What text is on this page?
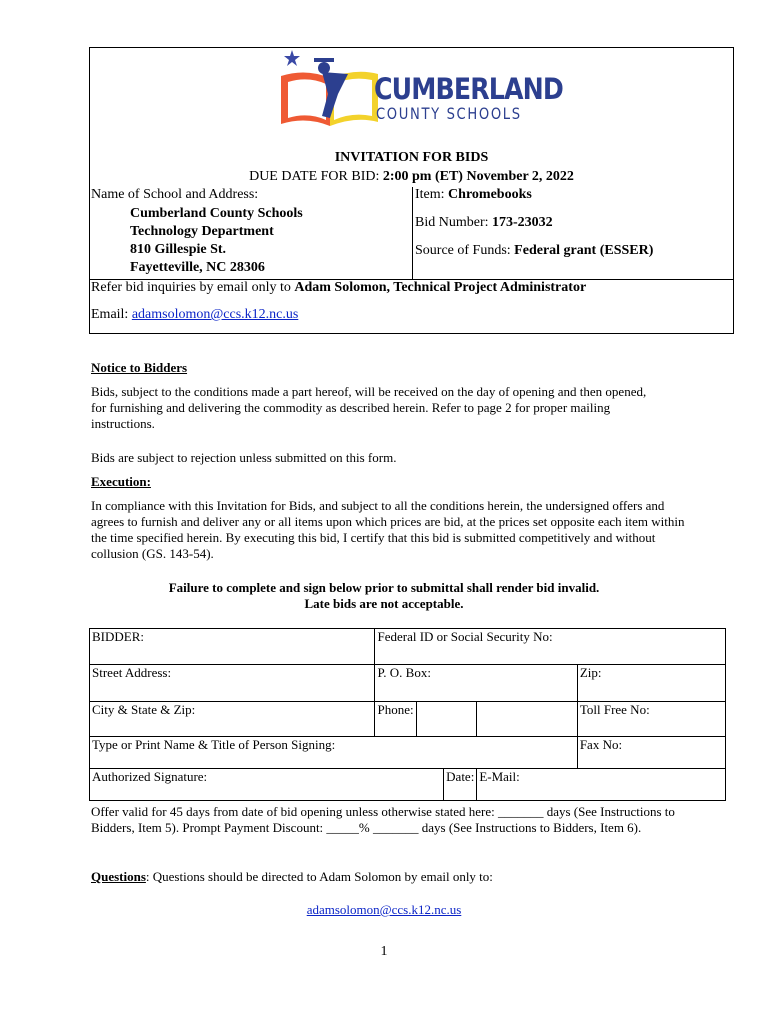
CUMBERLAND
COUNTY SCHOOLS
INVITATION FOR BIDS
DUE DATE FOR BID: 2:00 pm (ET) November 2, 2022
Name of School and Address:
Cumberland County Schools
Technology Department
810 Gillespie St.
Fayetteville, NC 28306
Item: Chromebooks
Bid Number: 173-23032
Source of Funds: Federal grant (ESSER)
Refer bid inquiries by email only to Adam Solomon, Technical Project Administrator
Email: adamsolomon@ccs.k12.nc.us
Notice to Bidders
Bids, subject to the conditions made a part hereof, will be received on the day of opening and then opened, for furnishing and delivering the commodity as described herein. Refer to page 2 for proper mailing instructions.
Bids are subject to rejection unless submitted on this form.
Execution:
In compliance with this Invitation for Bids, and subject to all the conditions herein, the undersigned offers and agrees to furnish and deliver any or all items upon which prices are bid, at the prices set opposite each item within the time specified herein. By executing this bid, I certify that this bid is submitted competitively and without collusion (GS. 143-54).
Failure to complete and sign below prior to submittal shall render bid invalid.
Late bids are not acceptable.
BIDDER:	Federal ID or Social Security No:				
Street Address:	P. O. Box:				Zip:
City & State & Zip:	Phone:				Toll Free No:
Type or Print Name & Title of Person Signing:					Fax No:
Authorized Signature:			Date:	E-Mail:	
Offer valid for 45 days from date of bid opening unless otherwise stated here: _______ days (See Instructions to Bidders, Item 5). Prompt Payment Discount: _____% _______ days (See Instructions to Bidders, Item 6).
Questions: Questions should be directed to Adam Solomon by email only to:
adamsolomon@ccs.k12.nc.us
1
